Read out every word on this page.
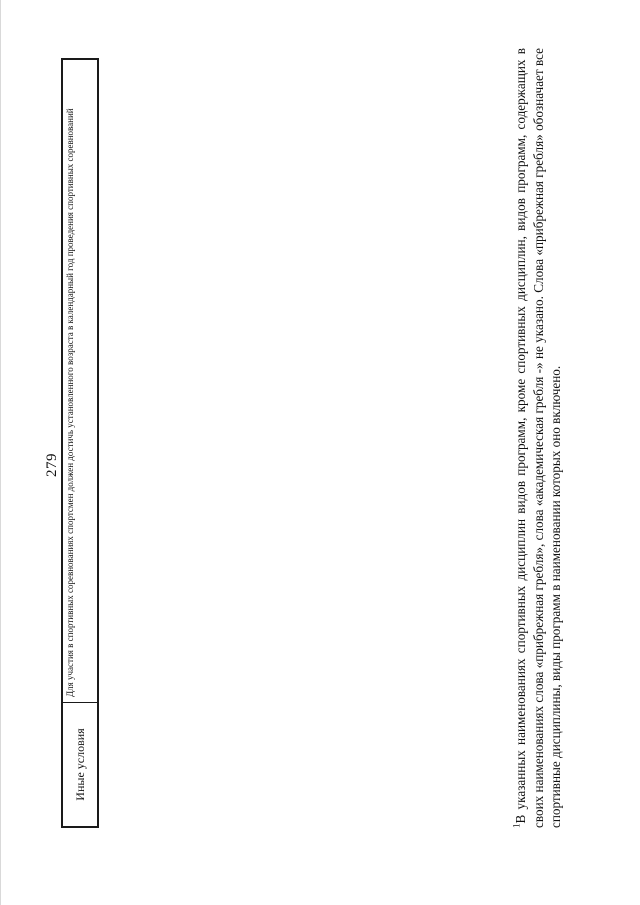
279
Иные условия
Для участия в спортивных соревнованиях спортсмен должен достичь установленного возраста в календарный год проведения спортивных соревнований
$^1$В указанных наименованиях спортивных дисциплин видов программ, кроме спортивных дисциплин, видов программ, содержащих в своих наименованиях слова «прибрежная гребля», слова «академическая гребля -» не указано. Слова «прибрежная гребля» обозначает все спортивные дисциплины, виды программ в наименовании которых оно включено.
